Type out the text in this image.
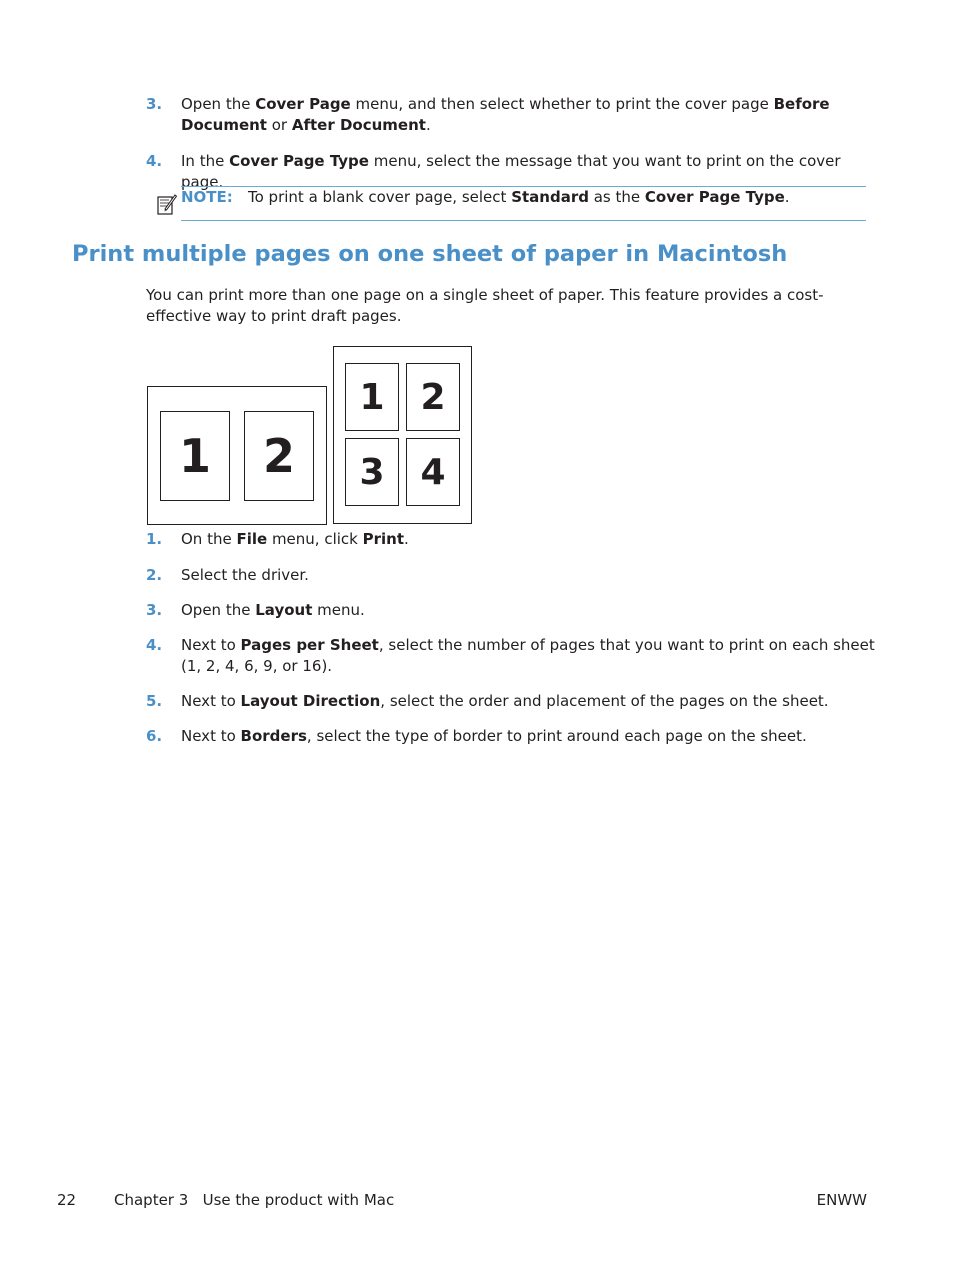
3. Open the Cover Page menu, and then select whether to print the cover page Before Document or After Document.
4. In the Cover Page Type menu, select the message that you want to print on the cover page.
NOTE: To print a blank cover page, select Standard as the Cover Page Type.
Print multiple pages on one sheet of paper in Macintosh
You can print more than one page on a single sheet of paper. This feature provides a cost-effective way to print draft pages.
1	2
1 2
3 4
1. On the File menu, click Print.
2. Select the driver.
3. Open the Layout menu.
4. Next to Pages per Sheet, select the number of pages that you want to print on each sheet (1, 2, 4, 6, 9, or 16).
5. Next to Layout Direction, select the order and placement of the pages on the sheet.
6. Next to Borders, select the type of border to print around each page on the sheet.
22	Chapter 3   Use the product with Mac	ENWW
